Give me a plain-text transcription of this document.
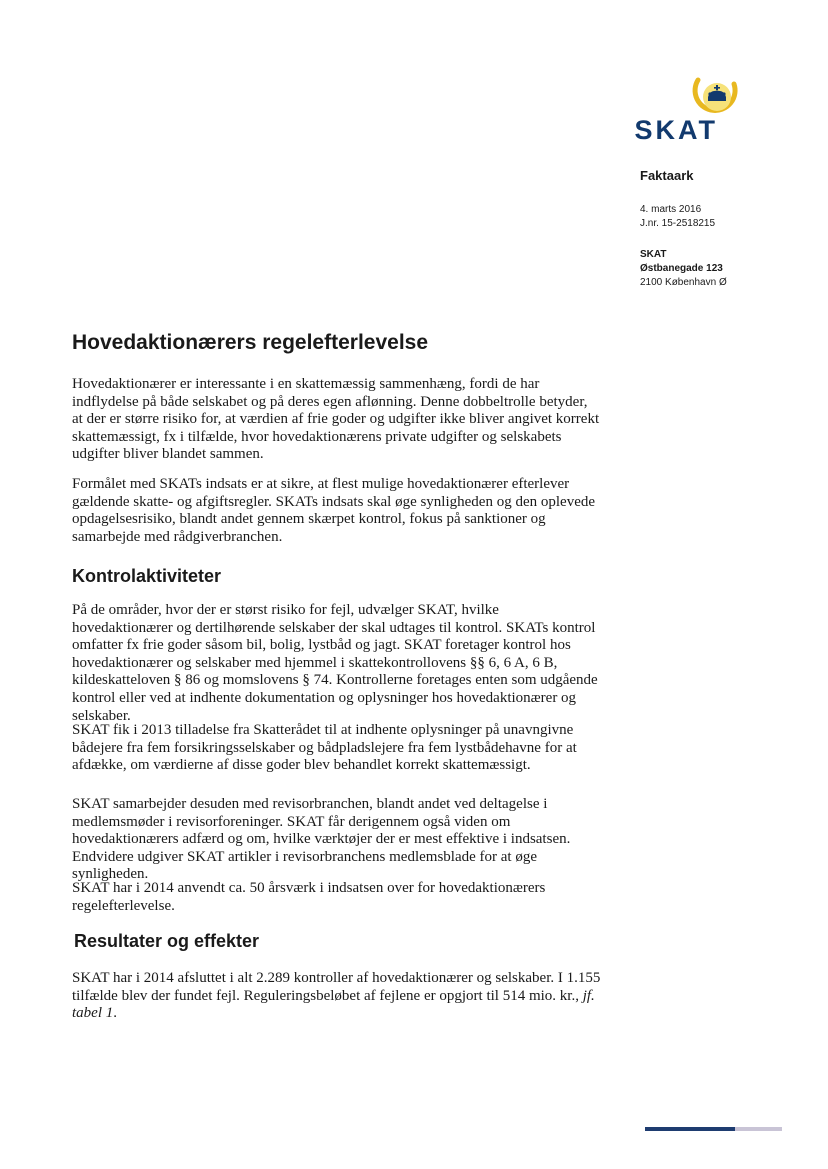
SKAT
Faktaark
4. marts 2016
J.nr. 15-2518215
SKAT
Østbanegade 123
2100 København Ø
Hovedaktionærers regelefterlevelse

Hovedaktionærer er interessante i en skattemæssig sammenhæng, fordi de har indflydelse på både selskabet og på deres egen aflønning. Denne dobbeltrolle betyder, at der er større risiko for, at værdien af frie goder og udgifter ikke bliver angivet korrekt skattemæssigt, fx i tilfælde, hvor hovedaktionærens private udgifter og selskabets udgifter bliver blandet sammen.

Formålet med SKATs indsats er at sikre, at flest mulige hovedaktionærer efterlever gældende skatte- og afgiftsregler. SKATs indsats skal øge synligheden og den oplevede opdagelsesrisiko, blandt andet gennem skærpet kontrol, fokus på sanktioner og samarbejde med rådgiverbranchen.

Kontrolaktiviteter

På de områder, hvor der er størst risiko for fejl, udvælger SKAT, hvilke hovedaktionærer og dertilhørende selskaber der skal udtages til kontrol. SKATs kontrol omfatter fx frie goder såsom bil, bolig, lystbåd og jagt. SKAT foretager kontrol hos hovedaktionærer og selskaber med hjemmel i skattekontrollovens §§ 6, 6 A, 6 B, kildeskatteloven § 86 og momslovens § 74. Kontrollerne foretages enten som udgående kontrol eller ved at indhente dokumentation og oplysninger hos hovedaktionærer og selskaber.

SKAT fik i 2013 tilladelse fra Skatterådet til at indhente oplysninger på unavngivne bådejere fra fem forsikringsselskaber og bådpladslejere fra fem lystbådehavne for at afdække, om værdierne af disse goder blev behandlet korrekt skattemæssigt.

SKAT samarbejder desuden med revisorbranchen, blandt andet ved deltagelse i medlemsmøder i revisorforeninger. SKAT får derigennem også viden om hovedaktionærers adfærd og om, hvilke værktøjer der er mest effektive i indsatsen. Endvidere udgiver SKAT artikler i revisorbranchens medlemsblade for at øge synligheden.

SKAT har i 2014 anvendt ca. 50 årsværk i indsatsen over for hovedaktionærers regelefterlevelse.

Resultater og effekter

SKAT har i 2014 afsluttet i alt 2.289 kontroller af hovedaktionærer og selskaber. I 1.155 tilfælde blev der fundet fejl. Reguleringsbeløbet af fejlene er opgjort til 514 mio. kr., jf. tabel 1.
